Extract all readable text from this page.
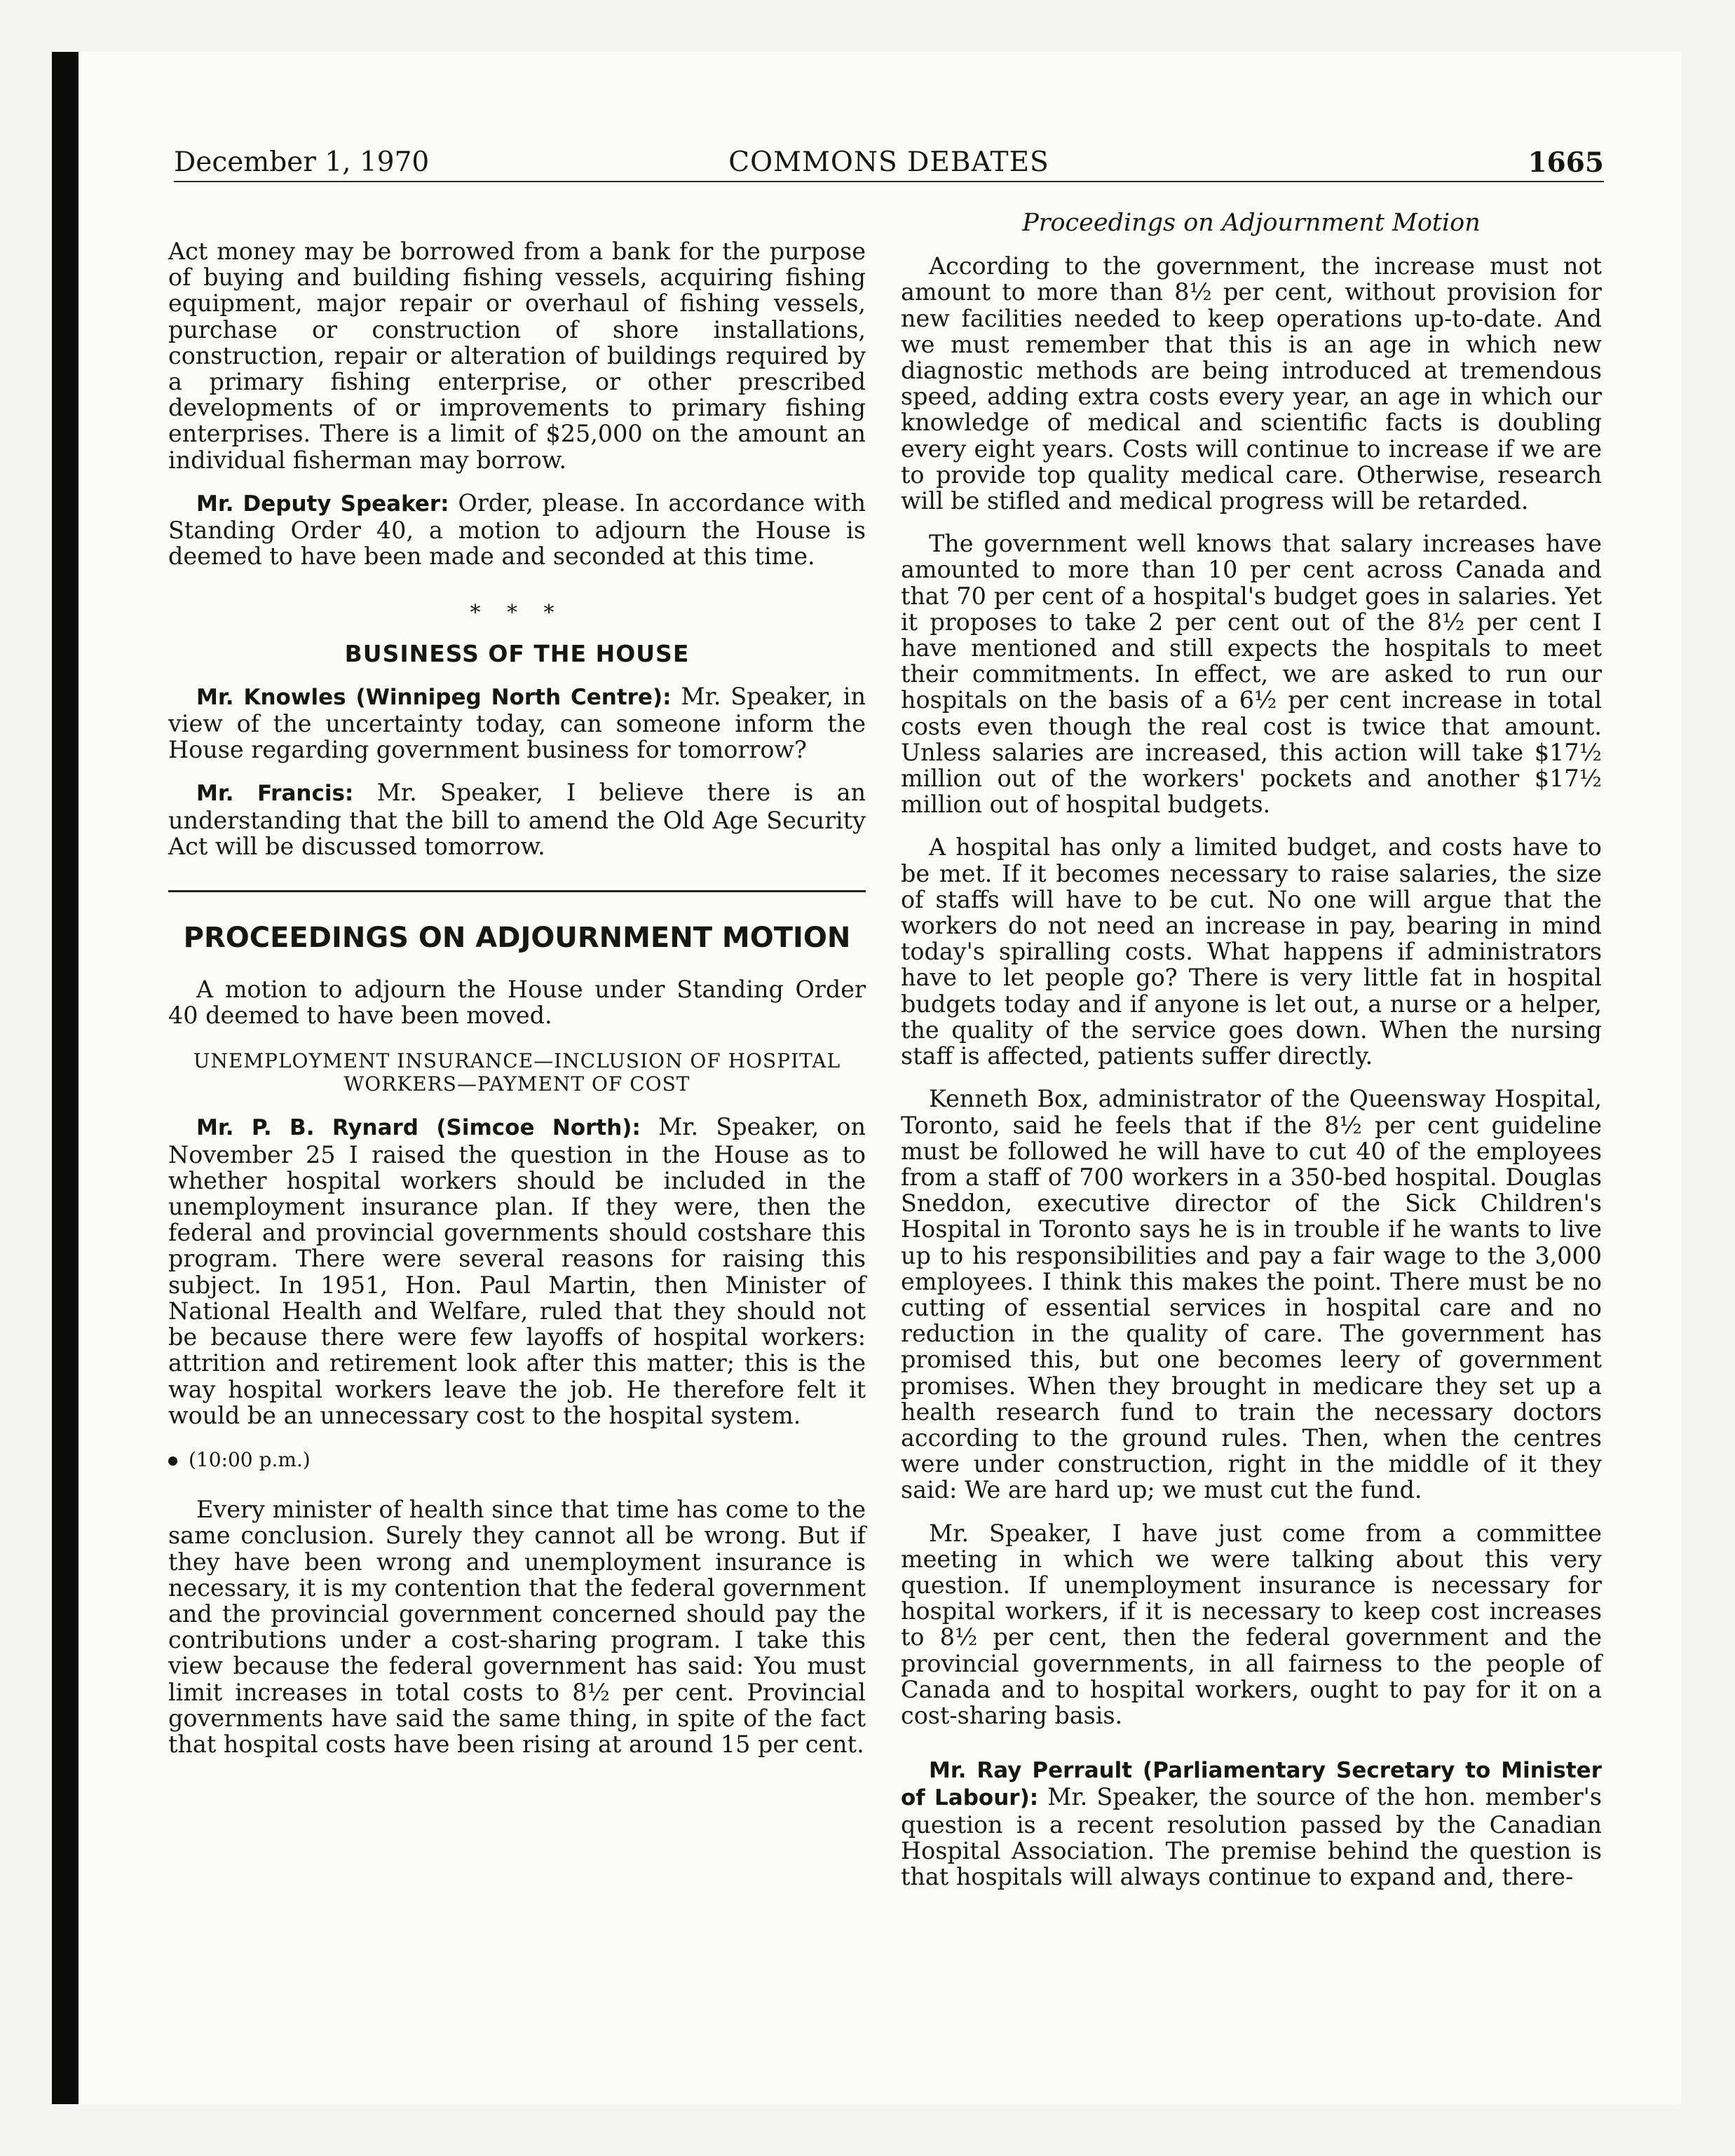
December 1, 1970	COMMONS DEBATES	1665

Act money may be borrowed from a bank for the purpose of buying and building fishing vessels, acquiring fishing equipment, major repair or overhaul of fishing vessels, purchase or construction of shore installations, construction, repair or alteration of buildings required by a primary fishing enterprise, or other prescribed developments of or improvements to primary fishing enterprises. There is a limit of $25,000 on the amount an individual fisherman may borrow.

Mr. Deputy Speaker: Order, please. In accordance with Standing Order 40, a motion to adjourn the House is deemed to have been made and seconded at this time.

* * *
BUSINESS OF THE HOUSE

Mr. Knowles (Winnipeg North Centre): Mr. Speaker, in view of the uncertainty today, can someone inform the House regarding government business for tomorrow?

Mr. Francis: Mr. Speaker, I believe there is an understanding that the bill to amend the Old Age Security Act will be discussed tomorrow.

PROCEEDINGS ON ADJOURNMENT MOTION

A motion to adjourn the House under Standing Order 40 deemed to have been moved.

UNEMPLOYMENT INSURANCE—INCLUSION OF HOSPITAL WORKERS—PAYMENT OF COST

Mr. P. B. Rynard (Simcoe North): Mr. Speaker, on November 25 I raised the question in the House as to whether hospital workers should be included in the unemployment insurance plan. If they were, then the federal and provincial governments should costshare this program. There were several reasons for raising this subject. In 1951, Hon. Paul Martin, then Minister of National Health and Welfare, ruled that they should not be because there were few layoffs of hospital workers: attrition and retirement look after this matter; this is the way hospital workers leave the job. He therefore felt it would be an unnecessary cost to the hospital system.

(10:00 p.m.)

Every minister of health since that time has come to the same conclusion. Surely they cannot all be wrong. But if they have been wrong and unemployment insurance is necessary, it is my contention that the federal government and the provincial government concerned should pay the contributions under a cost-sharing program. I take this view because the federal government has said: You must limit increases in total costs to 8½ per cent. Provincial governments have said the same thing, in spite of the fact that hospital costs have been rising at around 15 per cent.

Proceedings on Adjournment Motion

According to the government, the increase must not amount to more than 8½ per cent, without provision for new facilities needed to keep operations up-to-date. And we must remember that this is an age in which new diagnostic methods are being introduced at tremendous speed, adding extra costs every year, an age in which our knowledge of medical and scientific facts is doubling every eight years. Costs will continue to increase if we are to provide top quality medical care. Otherwise, research will be stifled and medical progress will be retarded.

The government well knows that salary increases have amounted to more than 10 per cent across Canada and that 70 per cent of a hospital's budget goes in salaries. Yet it proposes to take 2 per cent out of the 8½ per cent I have mentioned and still expects the hospitals to meet their commitments. In effect, we are asked to run our hospitals on the basis of a 6½ per cent increase in total costs even though the real cost is twice that amount. Unless salaries are increased, this action will take $17½ million out of the workers' pockets and another $17½ million out of hospital budgets.

A hospital has only a limited budget, and costs have to be met. If it becomes necessary to raise salaries, the size of staffs will have to be cut. No one will argue that the workers do not need an increase in pay, bearing in mind today's spiralling costs. What happens if administrators have to let people go? There is very little fat in hospital budgets today and if anyone is let out, a nurse or a helper, the quality of the service goes down. When the nursing staff is affected, patients suffer directly.

Kenneth Box, administrator of the Queensway Hospital, Toronto, said he feels that if the 8½ per cent guideline must be followed he will have to cut 40 of the employees from a staff of 700 workers in a 350-bed hospital. Douglas Sneddon, executive director of the Sick Children's Hospital in Toronto says he is in trouble if he wants to live up to his responsibilities and pay a fair wage to the 3,000 employees. I think this makes the point. There must be no cutting of essential services in hospital care and no reduction in the quality of care. The government has promised this, but one becomes leery of government promises. When they brought in medicare they set up a health research fund to train the necessary doctors according to the ground rules. Then, when the centres were under construction, right in the middle of it they said: We are hard up; we must cut the fund.

Mr. Speaker, I have just come from a committee meeting in which we were talking about this very question. If unemployment insurance is necessary for hospital workers, if it is necessary to keep cost increases to 8½ per cent, then the federal government and the provincial governments, in all fairness to the people of Canada and to hospital workers, ought to pay for it on a cost-sharing basis.

Mr. Ray Perrault (Parliamentary Secretary to Minister of Labour): Mr. Speaker, the source of the hon. member's question is a recent resolution passed by the Canadian Hospital Association. The premise behind the question is that hospitals will always continue to expand and, there-
